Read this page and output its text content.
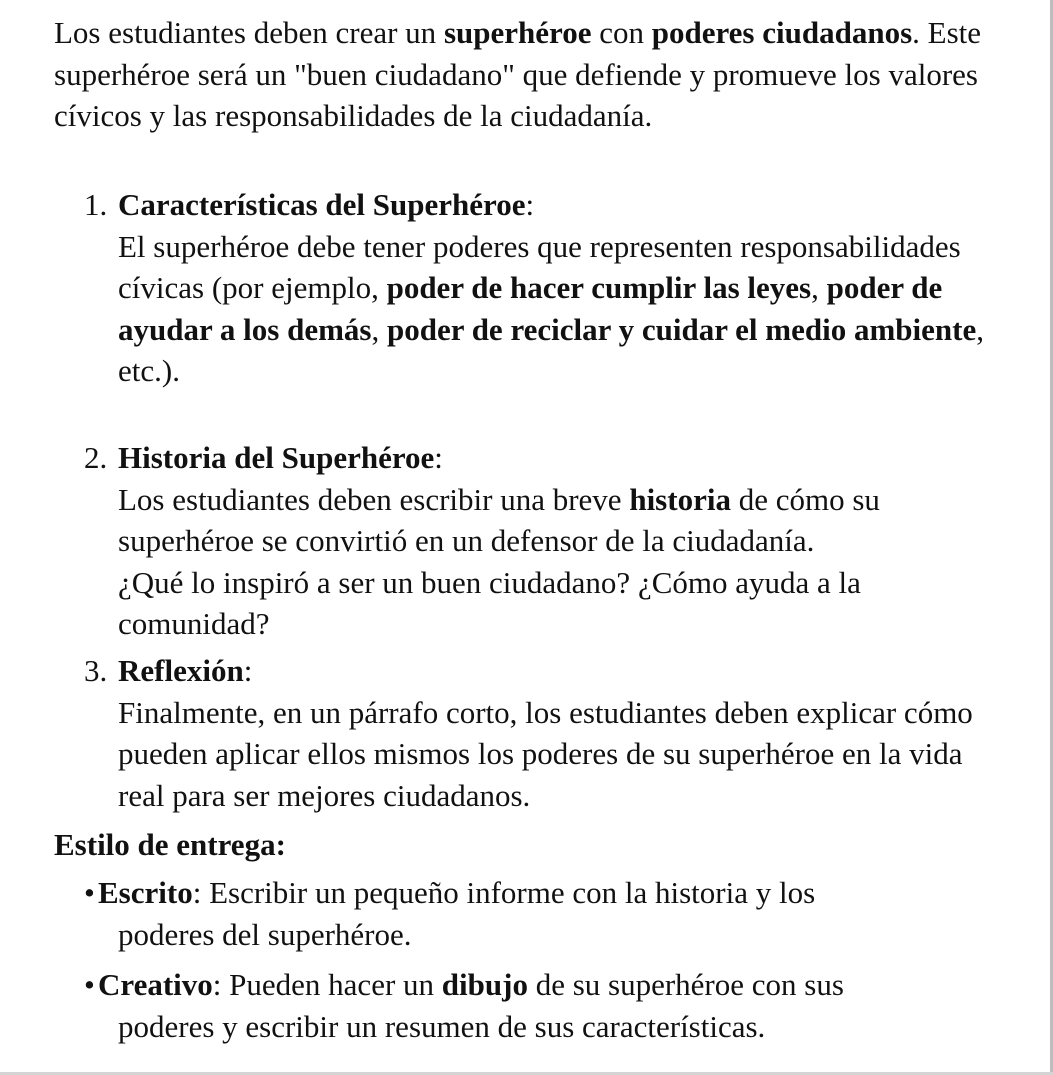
Los estudiantes deben crear un superhéroe con poderes ciudadanos. Este superhéroe será un "buen ciudadano" que defiende y promueve los valores cívicos y las responsabilidades de la ciudadanía.

1. Características del Superhéroe:
El superhéroe debe tener poderes que representen responsabilidades cívicas (por ejemplo, poder de hacer cumplir las leyes, poder de ayudar a los demás, poder de reciclar y cuidar el medio ambiente, etc.).
2. Historia del Superhéroe:
Los estudiantes deben escribir una breve historia de cómo su superhéroe se convirtió en un defensor de la ciudadanía.
¿Qué lo inspiró a ser un buen ciudadano? ¿Cómo ayuda a la comunidad?
3. Reflexión:
Finalmente, en un párrafo corto, los estudiantes deben explicar cómo pueden aplicar ellos mismos los poderes de su superhéroe en la vida real para ser mejores ciudadanos.

Estilo de entrega:

• Escrito: Escribir un pequeño informe con la historia y los
poderes del superhéroe.
• Creativo: Pueden hacer un dibujo de su superhéroe con sus
poderes y escribir un resumen de sus características.
